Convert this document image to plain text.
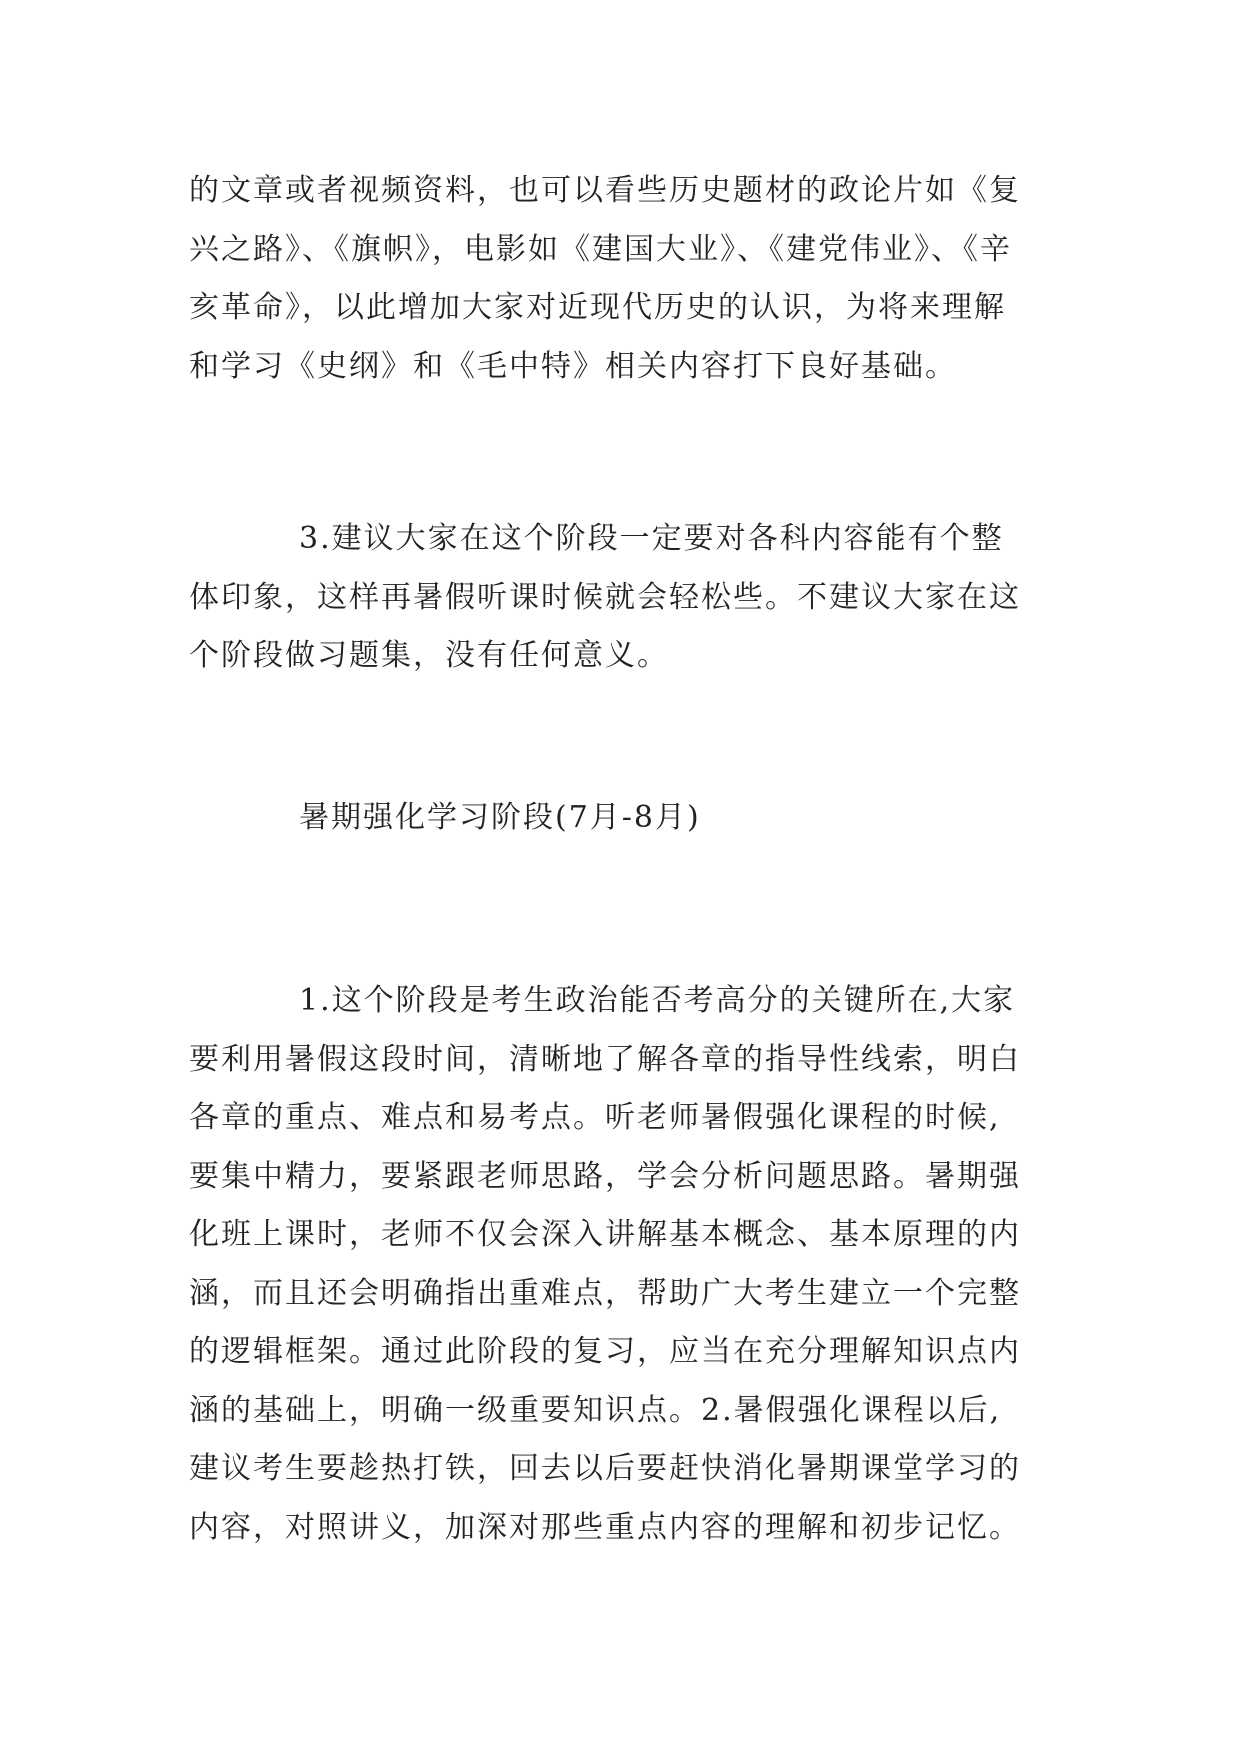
的文章或者视频资料，也可以看些历史题材的政论片如《复
兴之路》、《旗帜》，电影如《建国大业》、《建党伟业》、《辛
亥革命》，以此增加大家对近现代历史的认识，为将来理解
和学习《史纲》和《毛中特》相关内容打下良好基础。
3.建议大家在这个阶段一定要对各科内容能有个整
体印象，这样再暑假听课时候就会轻松些。不建议大家在这
个阶段做习题集，没有任何意义。
暑期强化学习阶段(7月-8月)
1.这个阶段是考生政治能否考高分的关键所在,大家
要利用暑假这段时间，清晰地了解各章的指导性线索，明白
各章的重点、难点和易考点。听老师暑假强化课程的时候,
要集中精力，要紧跟老师思路，学会分析问题思路。暑期强
化班上课时，老师不仅会深入讲解基本概念、基本原理的内
涵，而且还会明确指出重难点，帮助广大考生建立一个完整
的逻辑框架。通过此阶段的复习，应当在充分理解知识点内
涵的基础上，明确一级重要知识点。2.暑假强化课程以后,
建议考生要趁热打铁，回去以后要赶快消化暑期课堂学习的
内容，对照讲义，加深对那些重点内容的理解和初步记忆。
